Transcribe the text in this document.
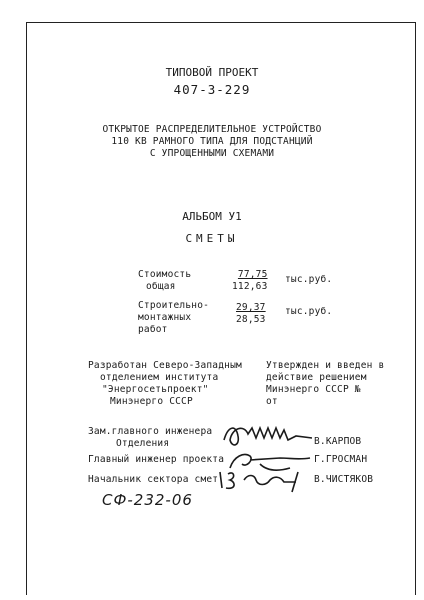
ТИПОВОЙ ПРОЕКТ
407-3-229
ОТКРЫТОЕ РАСПРЕДЕЛИТЕЛЬНОЕ УСТРОЙСТВО
110 КВ РАМНОГО ТИПА ДЛЯ ПОДСТАНЦИЙ
С УПРОЩЕННЫМИ СХЕМАМИ
АЛЬБОМ У1
СМЕТЫ
Стоимость
общая
77,75
112,63
тыс.руб.
Строительно-
монтажных
работ
29,37
28,53
тыс.руб.
Разработан Северо-Западным
отделением института
"Энергосетьпроект"
Минэнерго СССР
Утвержден и введен в
действие решением
Минэнерго СССР №
от
Зам.главного инженера
Отделения
Главный инженер проекта
Начальник сектора смет
В.КАРПОВ
Г.ГРОСМАН
В.ЧИСТЯКОВ
СФ-232-06
